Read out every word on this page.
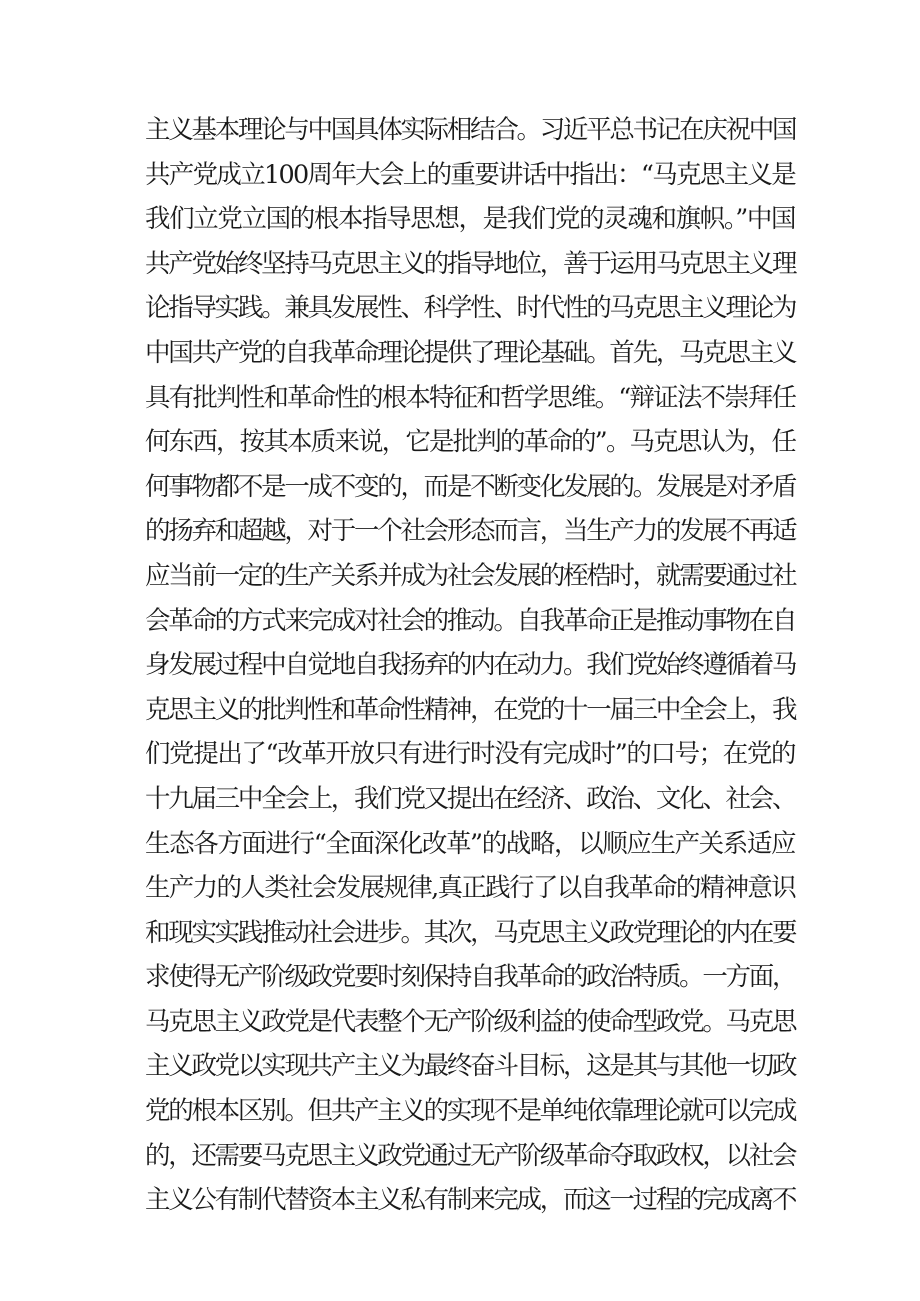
主义基本理论与中国具体实际相结合。习近平总书记在庆祝中国
共产党成立100周年大会上的重要讲话中指出：“马克思主义是
我们立党立国的根本指导思想，是我们党的灵魂和旗帜。”中国
共产党始终坚持马克思主义的指导地位，善于运用马克思主义理
论指导实践。兼具发展性、科学性、时代性的马克思主义理论为
中国共产党的自我革命理论提供了理论基础。首先，马克思主义
具有批判性和革命性的根本特征和哲学思维。“辩证法不崇拜任
何东西，按其本质来说，它是批判的革命的”。马克思认为，任
何事物都不是一成不变的，而是不断变化发展的。发展是对矛盾
的扬弃和超越，对于一个社会形态而言，当生产力的发展不再适
应当前一定的生产关系并成为社会发展的桎梏时，就需要通过社
会革命的方式来完成对社会的推动。自我革命正是推动事物在自
身发展过程中自觉地自我扬弃的内在动力。我们党始终遵循着马
克思主义的批判性和革命性精神，在党的十一届三中全会上，我
们党提出了“改革开放只有进行时没有完成时”的口号；在党的
十九届三中全会上，我们党又提出在经济、政治、文化、社会、
生态各方面进行“全面深化改革”的战略，以顺应生产关系适应
生产力的人类社会发展规律,真正践行了以自我革命的精神意识
和现实实践推动社会进步。其次，马克思主义政党理论的内在要
求使得无产阶级政党要时刻保持自我革命的政治特质。一方面，
马克思主义政党是代表整个无产阶级利益的使命型政党。马克思
主义政党以实现共产主义为最终奋斗目标，这是其与其他一切政
党的根本区别。但共产主义的实现不是单纯依靠理论就可以完成
的，还需要马克思主义政党通过无产阶级革命夺取政权，以社会
主义公有制代替资本主义私有制来完成，而这一过程的完成离不
